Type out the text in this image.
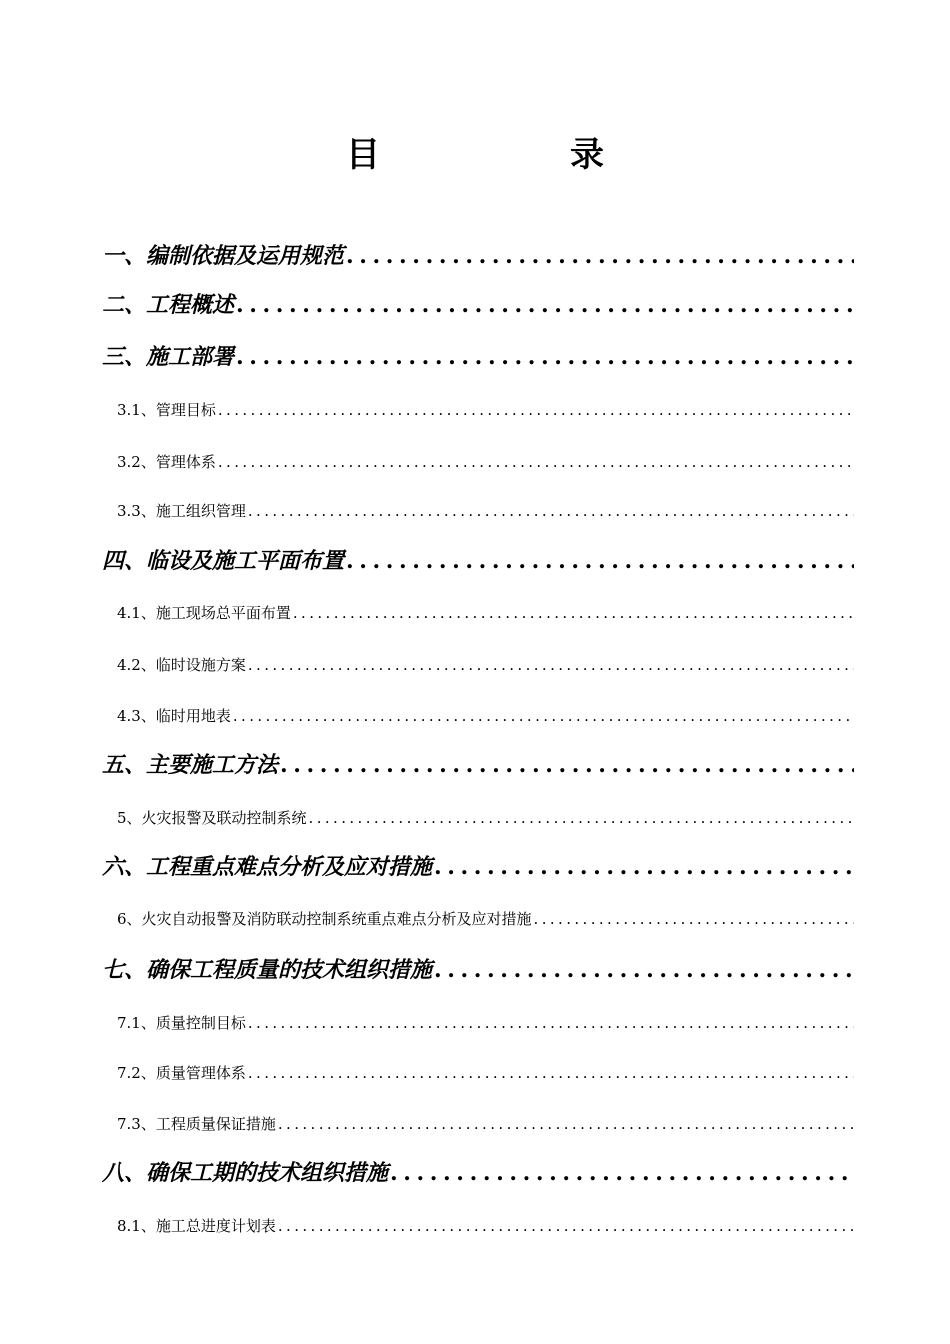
目　录
一、编制依据及运用规范
.....
二、工程概述
.....
三、施工部署
.....
3.1、管理目标
.....
3.2、管理体系
.....
3.3、施工组织管理
.....
四、临设及施工平面布置
.....
4.1、施工现场总平面布置
.....
4.2、临时设施方案
.....
4.3、临时用地表
.....
五、主要施工方法
.....
5、火灾报警及联动控制系统
.....
六、工程重点难点分析及应对措施
.....
6、火灾自动报警及消防联动控制系统重点难点分析及应对措施
.....
七、确保工程质量的技术组织措施
.....
7.1、质量控制目标
.....
7.2、质量管理体系
.....
7.3、工程质量保证措施
.....
八、确保工期的技术组织措施
.....
8.1、施工总进度计划表
.....
